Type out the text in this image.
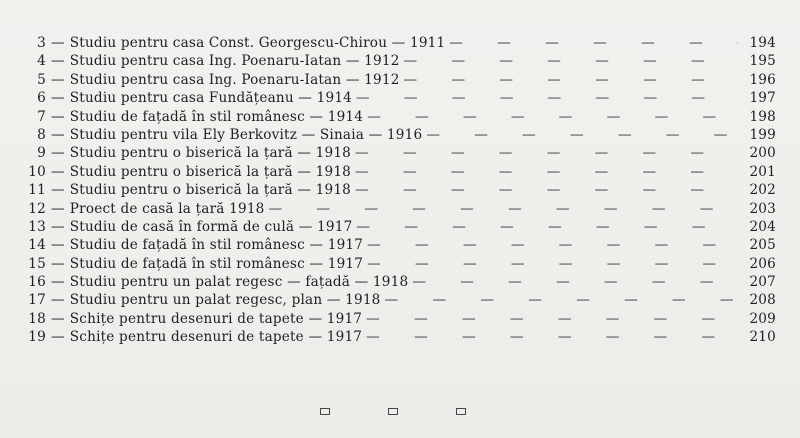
3 — Studiu pentru casa Const. Georgescu-Chirou — 1911 — — —	194
4 — Studiu pentru casa Ing. Poenaru-Iatan — 1912 — — —	195
5 — Studiu pentru casa Ing. Poenaru-Iatan — 1912 — — —	196
6 — Studiu pentru casa Fundățeanu — 1914 — — —	197
7 — Studiu de fațadă în stil românesc — 1914 — — —	198
8 — Studiu pentru vila Ely Berkovitz — Sinaia — 1916 — — —	199
9 — Studiu pentru o biserică la țară — 1918 — — —	200
10 — Studiu pentru o biserică la țară — 1918 — — —	201
11 — Studiu pentru o biserică la țară — 1918 — — —	202
12 — Proect de casă la țară 1918 — — —	203
13 — Studiu de casă în formă de culă — 1917 — — —	204
14 — Studiu de fațadă în stil românesc — 1917 — — —	205
15 — Studiu de fațadă în stil românesc — 1917 — — —	206
16 — Studiu pentru un palat regesc — fațadă — 1918 — — —	207
17 — Studiu pentru un palat regesc, plan — 1918 — — —	208
18 — Schițe pentru desenuri de tapete — 1917 — — —	209
19 — Schițe pentru desenuri de tapete — 1917 — — —	210
